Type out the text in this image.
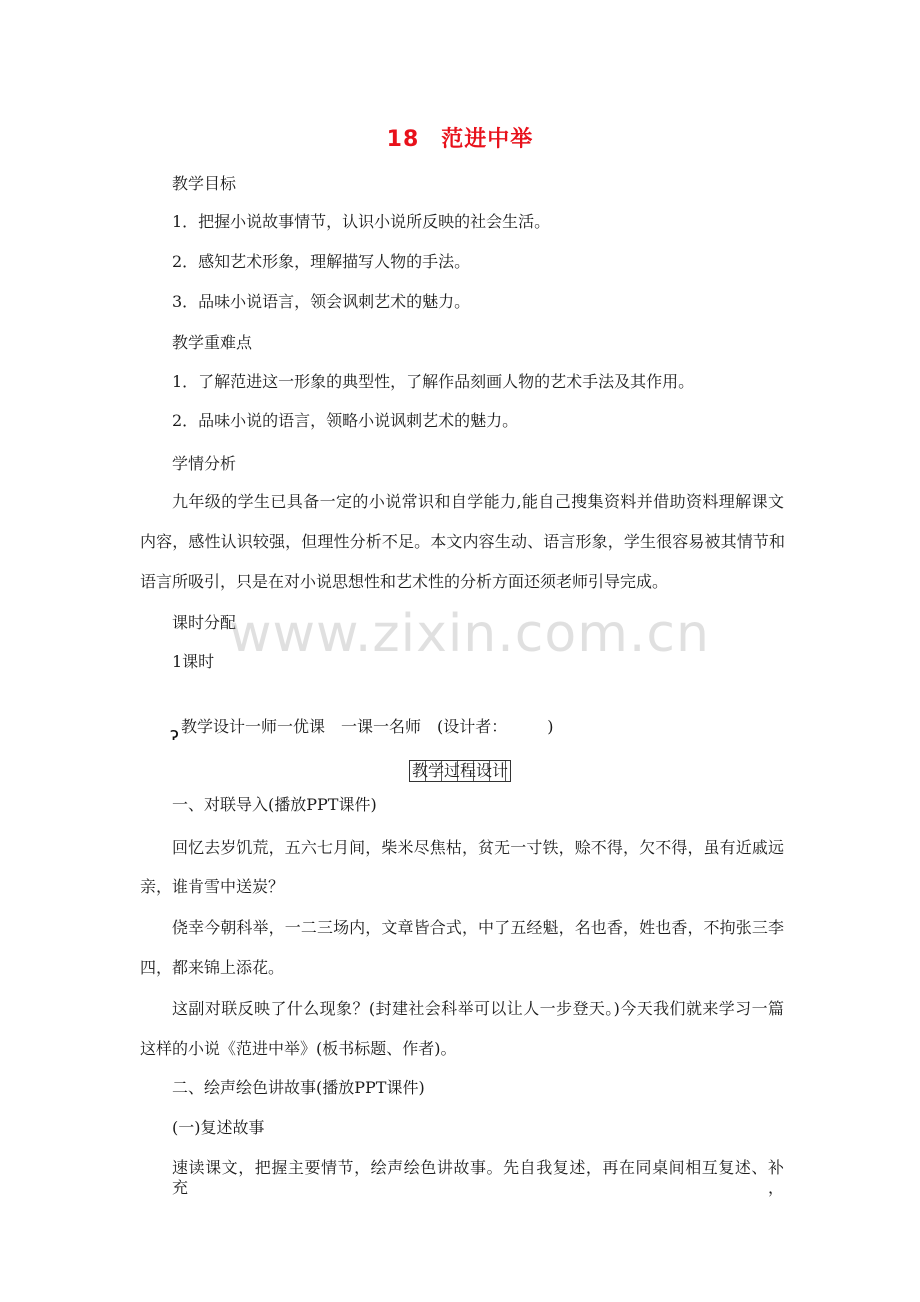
18 范进中举
教学目标
1．把握小说故事情节，认识小说所反映的社会生活。
2．感知艺术形象，理解描写人物的手法。
3．品味小说语言，领会讽刺艺术的魅力。
教学重难点
1．了解范进这一形象的典型性，了解作品刻画人物的艺术手法及其作用。
2．品味小说的语言，领略小说讽刺艺术的魅力。
学情分析
九年级的学生已具备一定的小说常识和自学能力,能自己搜集资料并借助资料理解课文
内容，感性认识较强，但理性分析不足。本文内容生动、语言形象，学生很容易被其情节和
语言所吸引，只是在对小说思想性和艺术性的分析方面还须老师引导完成。
课时分配
1课时
ɂ 教学设计一师一优课　一课一名师　(设计者：　　　)
教学过程设计
一、对联导入(播放PPT课件)
回忆去岁饥荒，五六七月间，柴米尽焦枯，贫无一寸铁，赊不得，欠不得，虽有近戚远
亲，谁肯雪中送炭？
侥幸今朝科举，一二三场内，文章皆合式，中了五经魁，名也香，姓也香，不拘张三李
四，都来锦上添花。
这副对联反映了什么现象？(封建社会科举可以让人一步登天。)今天我们就来学习一篇
这样的小说《范进中举》(板书标题、作者)。
二、绘声绘色讲故事(播放PPT课件)
(一)复述故事
速读课文，把握主要情节，绘声绘色讲故事。先自我复述，再在同桌间相互复述、补充，
www.zixin.com.cn
